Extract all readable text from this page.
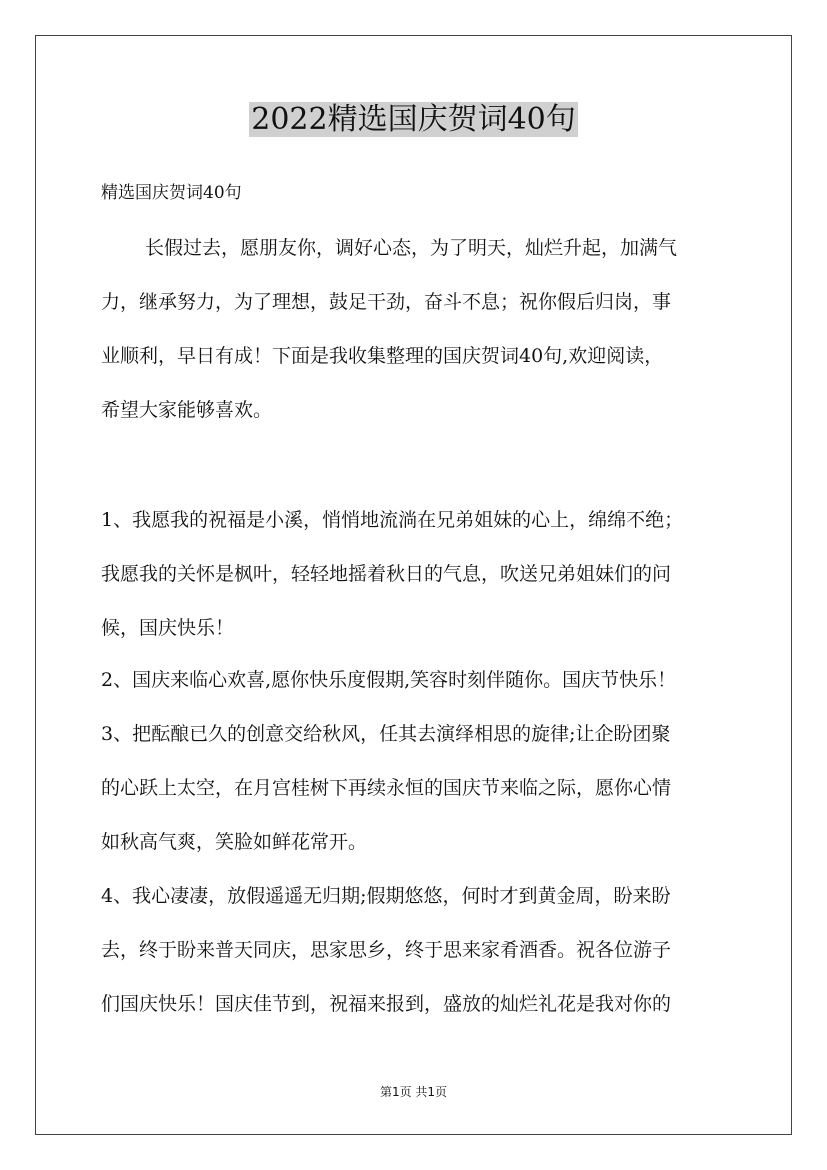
2022精选国庆贺词40句
精选国庆贺词40句
长假过去，愿朋友你，调好心态，为了明天，灿烂升起，加满气
力，继承努力，为了理想，鼓足干劲，奋斗不息；祝你假后归岗，事
业顺利，早日有成！下面是我收集整理的国庆贺词40句,欢迎阅读，
希望大家能够喜欢。
1、我愿我的祝福是小溪，悄悄地流淌在兄弟姐妹的心上，绵绵不绝；
我愿我的关怀是枫叶，轻轻地摇着秋日的气息，吹送兄弟姐妹们的问
候，国庆快乐！
2、国庆来临心欢喜,愿你快乐度假期,笑容时刻伴随你。国庆节快乐！
3、把酝酿已久的创意交给秋风，任其去演绎相思的旋律;让企盼团聚
的心跃上太空，在月宫桂树下再续永恒的国庆节来临之际，愿你心情
如秋高气爽，笑脸如鲜花常开。
4、我心凄凄，放假遥遥无归期;假期悠悠，何时才到黄金周，盼来盼
去，终于盼来普天同庆，思家思乡，终于思来家肴酒香。祝各位游子
们国庆快乐！国庆佳节到，祝福来报到，盛放的灿烂礼花是我对你的
第1页 共1页
